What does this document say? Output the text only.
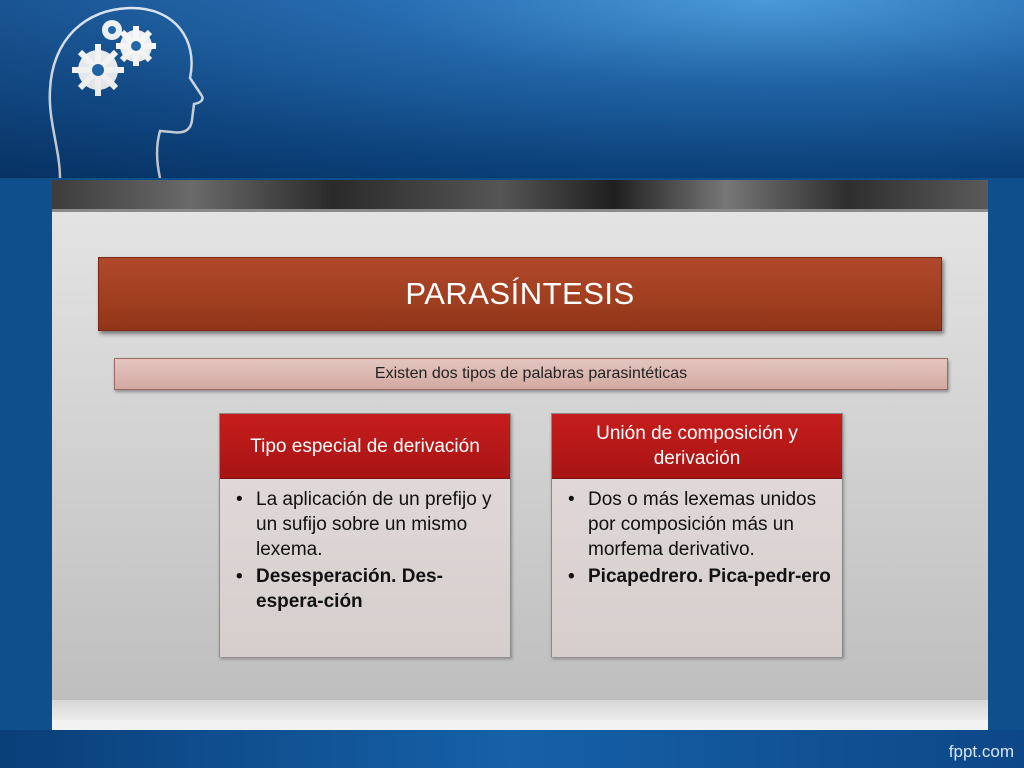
PARASÍNTESIS
Existen dos tipos de palabras parasintéticas
Tipo especial de derivación
• La aplicación de un prefijo y un sufijo sobre un mismo lexema.
• Desesperación. Des-espera-ción
Unión de composición y derivación
• Dos o más lexemas unidos por composición más un morfema derivativo.
• Picapedrero. Pica-pedr-ero
fppt.com
